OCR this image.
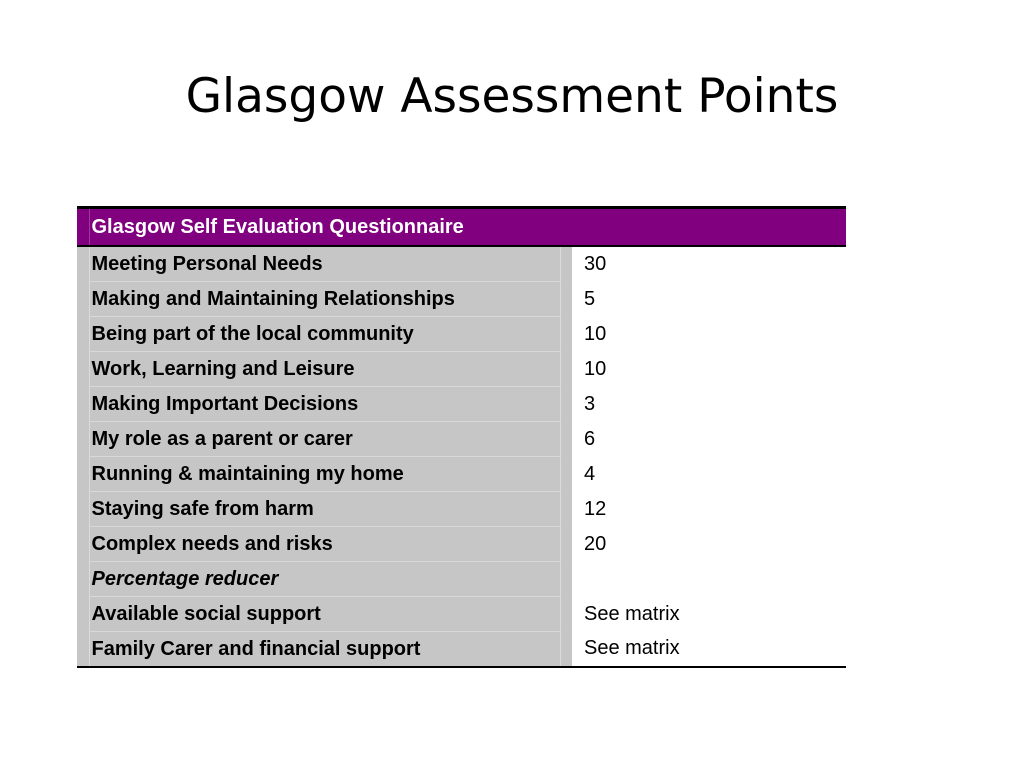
Glasgow Assessment Points
	Glasgow Self Evaluation Questionnaire		
	Meeting Personal Needs		30
	Making and Maintaining Relationships		5
	Being part of the local community		10
	Work, Learning and Leisure		10
	Making Important Decisions		3
	My role as a parent or carer		6
	Running & maintaining my home		4
	Staying safe from harm		12
	Complex needs and risks		20
	Percentage reducer		
	Available social support		See matrix
	Family Carer and financial support		See matrix
